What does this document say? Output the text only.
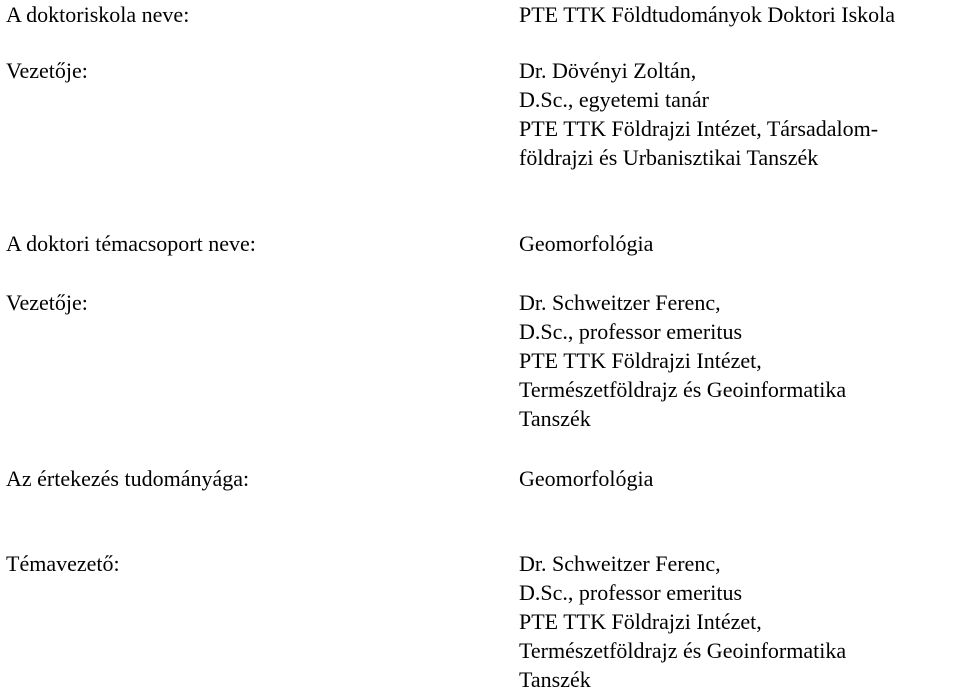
A doktoriskola neve:	PTE TTK Földtudományok Doktori Iskola

Vezetője:	Dr. Dövényi Zoltán,
D.Sc., egyetemi tanár
PTE TTK Földrajzi Intézet, Társadalom-
földrajzi és Urbanisztikai Tanszék

A doktori témacsoport neve:	Geomorfológia

Vezetője:	Dr. Schweitzer Ferenc,
D.Sc., professor emeritus
PTE TTK Földrajzi Intézet,
Természetföldrajz és Geoinformatika
Tanszék

Az értekezés tudományága:	Geomorfológia

Témavezető:	Dr. Schweitzer Ferenc,
D.Sc., professor emeritus
PTE TTK Földrajzi Intézet,
Természetföldrajz és Geoinformatika
Tanszék
